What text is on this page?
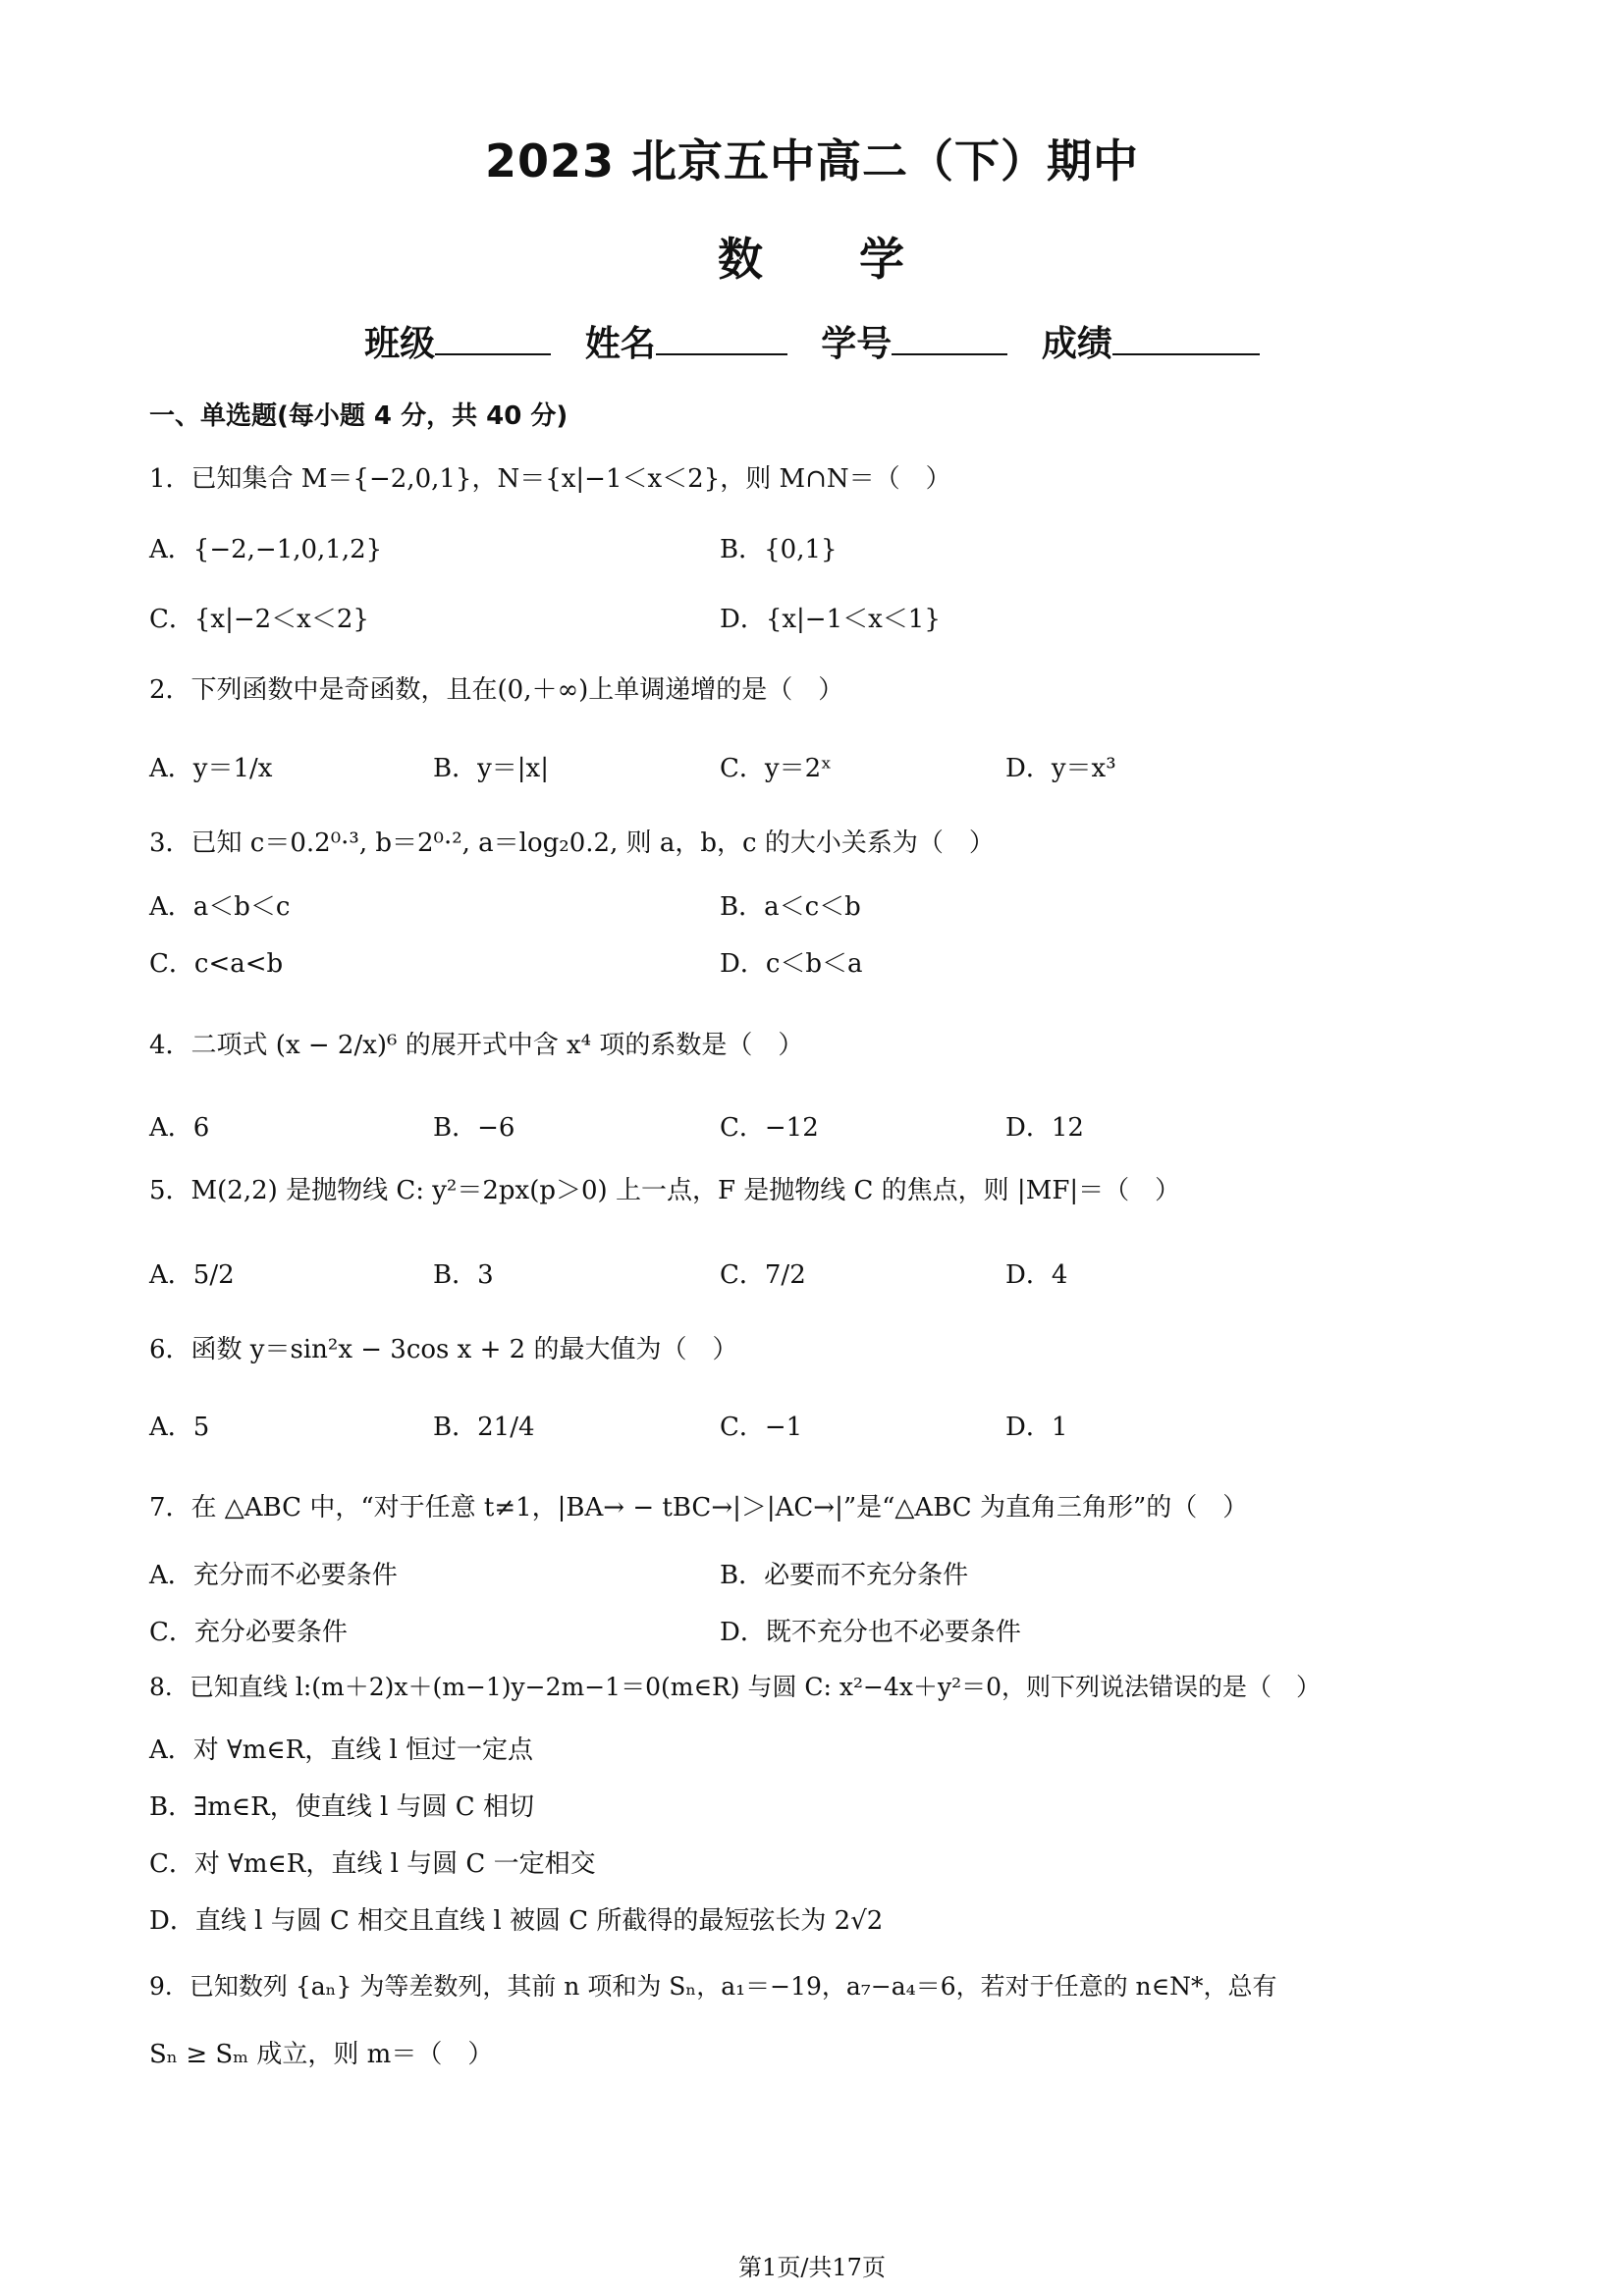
2023 北京五中高二（下）期中
数　　学
班级	姓名	学号	成绩
一、单选题(每小题 4 分，共 40 分)
1．已知集合 M＝{−2,0,1}，N＝{x|−1＜x＜2}，则 M∩N＝（　）
A．{−2,−1,0,1,2}	B．{0,1}
C．{x|−2＜x＜2}	D．{x|−1＜x＜1}
2．下列函数中是奇函数，且在(0,＋∞)上单调递增的是（　）
A．y＝1/x	B．y＝|x|	C．y＝2ˣ	D．y＝x³
3．已知 c＝0.2⁰·³, b＝2⁰·², a＝log₂0.2, 则 a，b，c 的大小关系为（　）
A．a＜b＜c	B．a＜c＜b
C．c<a<b	D．c＜b＜a
4．二项式 (x − 2/x)⁶ 的展开式中含 x⁴ 项的系数是（　）
A．6	B．−6	C．−12	D．12
5．M(2,2) 是抛物线 C: y²＝2px(p＞0) 上一点，F 是抛物线 C 的焦点，则 |MF|＝（　）
A．5/2	B．3	C．7/2	D．4
6．函数 y＝sin²x − 3cos x + 2 的最大值为（　）
A．5	B．21/4	C．−1	D．1
7．在 △ABC 中，“对于任意 t≠1，|BA→ − tBC→|＞|AC→|”是“△ABC 为直角三角形”的（　）
A．充分而不必要条件	B．必要而不充分条件
C．充分必要条件	D．既不充分也不必要条件
8．已知直线 l:(m＋2)x＋(m−1)y−2m−1＝0(m∈R) 与圆 C: x²−4x＋y²＝0，则下列说法错误的是（　）
A．对 ∀m∈R，直线 l 恒过一定点
B．∃m∈R，使直线 l 与圆 C 相切
C．对 ∀m∈R，直线 l 与圆 C 一定相交
D．直线 l 与圆 C 相交且直线 l 被圆 C 所截得的最短弦长为 2√2
9．已知数列 {aₙ} 为等差数列，其前 n 项和为 Sₙ，a₁＝−19，a₇−a₄＝6，若对于任意的 n∈N*，总有
Sₙ ≥ Sₘ 成立，则 m＝（　）
第1页/共17页
